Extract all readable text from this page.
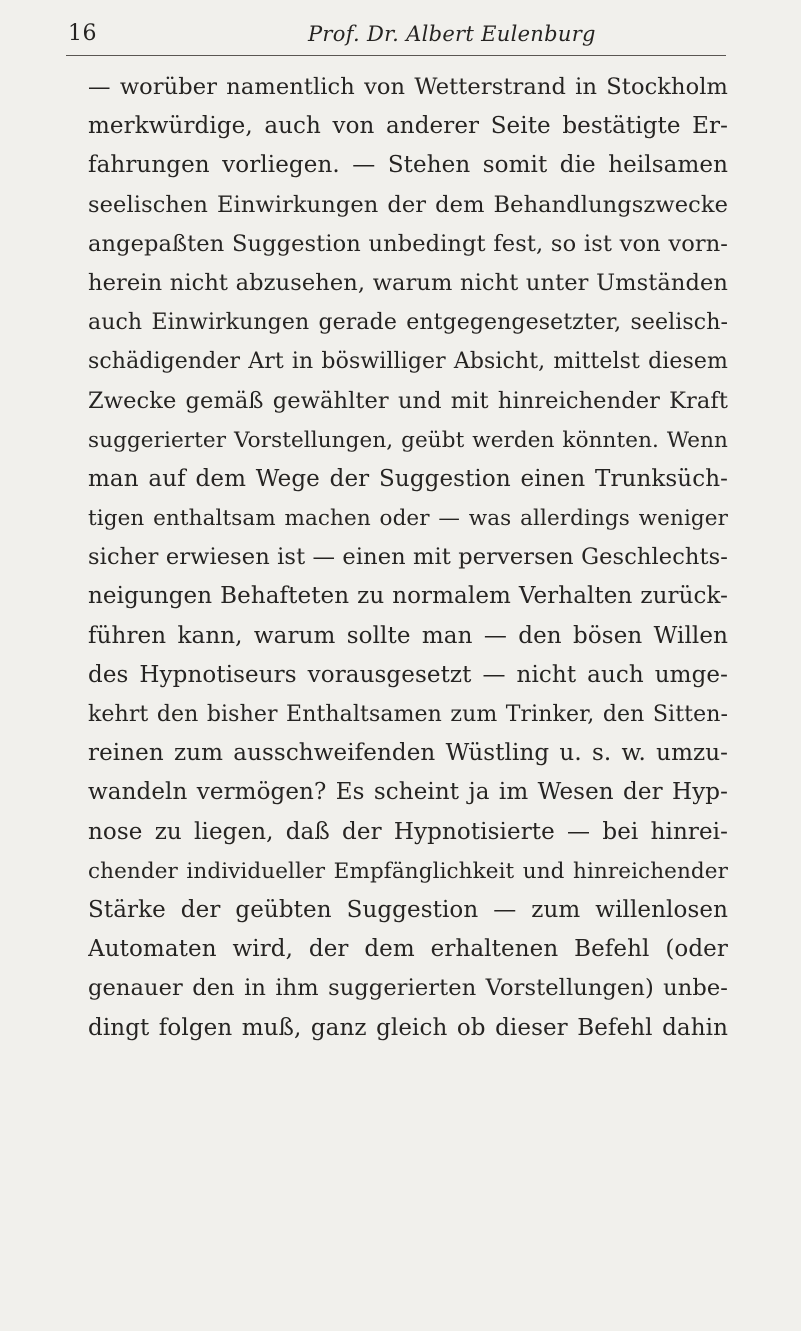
16	Prof. Dr. Albert Eulenburg
— worüber namentlich von Wetterstrand in Stockholm
merkwürdige, auch von anderer Seite bestätigte Er-
fahrungen vorliegen. — Stehen somit die heilsamen
seelischen Einwirkungen der dem Behandlungszwecke
angepaßten Suggestion unbedingt fest, so ist von vorn-
herein nicht abzusehen, warum nicht unter Umständen
auch Einwirkungen gerade entgegengesetzter, seelisch-
schädigender Art in böswilliger Absicht, mittelst diesem
Zwecke gemäß gewählter und mit hinreichender Kraft
suggerierter Vorstellungen, geübt werden könnten. Wenn
man auf dem Wege der Suggestion einen Trunksüch-
tigen enthaltsam machen oder — was allerdings weniger
sicher erwiesen ist — einen mit perversen Geschlechts-
neigungen Behafteten zu normalem Verhalten zurück-
führen kann, warum sollte man — den bösen Willen
des Hypnotiseurs vorausgesetzt — nicht auch umge-
kehrt den bisher Enthaltsamen zum Trinker, den Sitten-
reinen zum ausschweifenden Wüstling u. s. w. umzu-
wandeln vermögen? Es scheint ja im Wesen der Hyp-
nose zu liegen, daß der Hypnotisierte — bei hinrei-
chender individueller Empfänglichkeit und hinreichender
Stärke der geübten Suggestion — zum willenlosen
Automaten wird, der dem erhaltenen Befehl (oder
genauer den in ihm suggerierten Vorstellungen) unbe-
dingt folgen muß, ganz gleich ob dieser Befehl dahin
